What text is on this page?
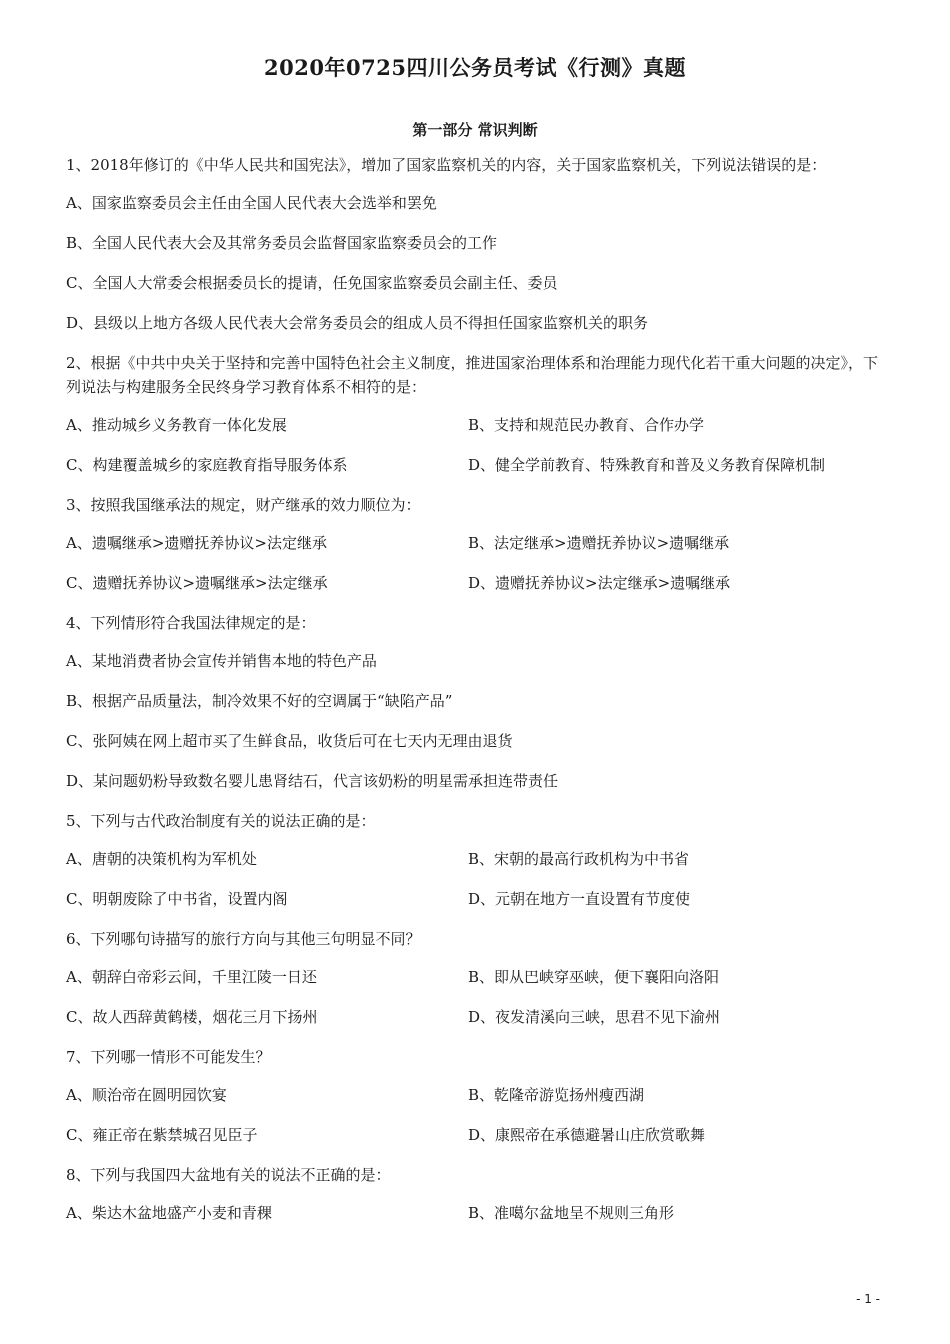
2020年0725四川公务员考试《行测》真题
第一部分 常识判断
1、2018年修订的《中华人民共和国宪法》，增加了国家监察机关的内容，关于国家监察机关，下列说法错误的是：
A、国家监察委员会主任由全国人民代表大会选举和罢免
B、全国人民代表大会及其常务委员会监督国家监察委员会的工作
C、全国人大常委会根据委员长的提请，任免国家监察委员会副主任、委员
D、县级以上地方各级人民代表大会常务委员会的组成人员不得担任国家监察机关的职务
2、根据《中共中央关于坚持和完善中国特色社会主义制度，推进国家治理体系和治理能力现代化若干重大问题的决定》，下列说法与构建服务全民终身学习教育体系不相符的是：
A、推动城乡义务教育一体化发展	B、支持和规范民办教育、合作办学
C、构建覆盖城乡的家庭教育指导服务体系	D、健全学前教育、特殊教育和普及义务教育保障机制
3、按照我国继承法的规定，财产继承的效力顺位为：
A、遗嘱继承>遗赠抚养协议>法定继承	B、法定继承>遗赠抚养协议>遗嘱继承
C、遗赠抚养协议>遗嘱继承>法定继承	D、遗赠抚养协议>法定继承>遗嘱继承
4、下列情形符合我国法律规定的是：
A、某地消费者协会宣传并销售本地的特色产品
B、根据产品质量法，制冷效果不好的空调属于“缺陷产品”
C、张阿姨在网上超市买了生鲜食品，收货后可在七天内无理由退货
D、某问题奶粉导致数名婴儿患肾结石，代言该奶粉的明星需承担连带责任
5、下列与古代政治制度有关的说法正确的是：
A、唐朝的决策机构为军机处	B、宋朝的最高行政机构为中书省
C、明朝废除了中书省，设置内阁	D、元朝在地方一直设置有节度使
6、下列哪句诗描写的旅行方向与其他三句明显不同？
A、朝辞白帝彩云间，千里江陵一日还	B、即从巴峡穿巫峡，便下襄阳向洛阳
C、故人西辞黄鹤楼，烟花三月下扬州	D、夜发清溪向三峡，思君不见下渝州
7、下列哪一情形不可能发生？
A、顺治帝在圆明园饮宴	B、乾隆帝游览扬州瘦西湖
C、雍正帝在紫禁城召见臣子	D、康熙帝在承德避暑山庄欣赏歌舞
8、下列与我国四大盆地有关的说法不正确的是：
A、柴达木盆地盛产小麦和青稞	B、准噶尔盆地呈不规则三角形
- 1 -
